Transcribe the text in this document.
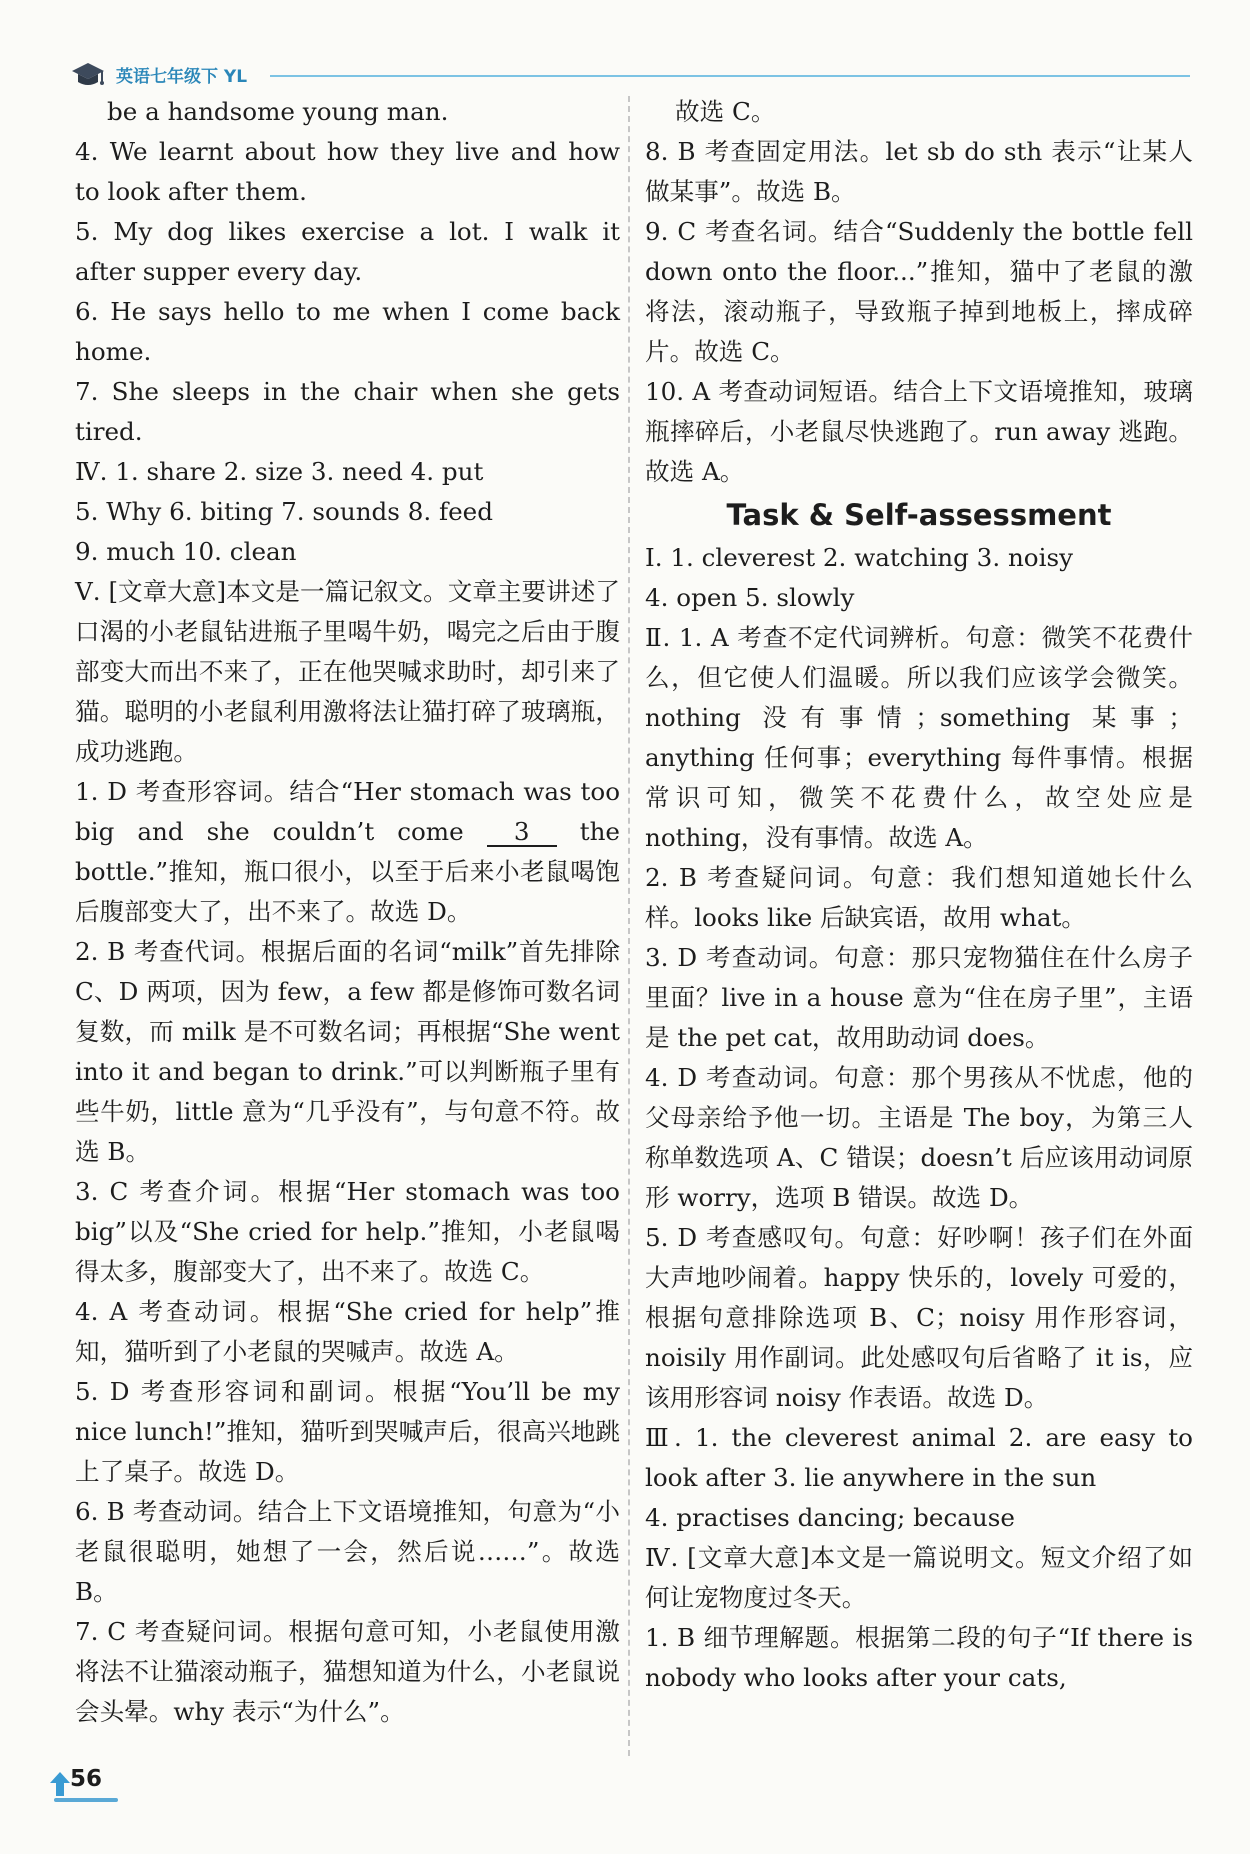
英语七年级下 YL

be a handsome young man.

4. We learnt about how they live and how to look after them.

5. My dog likes exercise a lot. I walk it after supper every day.

6. He says hello to me when I come back home.

7. She sleeps in the chair when she gets tired.

Ⅳ. 1. share 2. size 3. need 4. put

5. Why 6. biting 7. sounds 8. feed

9. much 10. clean

Ⅴ. [文章大意]本文是一篇记叙文。文章主要讲述了口渴的小老鼠钻进瓶子里喝牛奶，喝完之后由于腹部变大而出不来了，正在他哭喊求助时，却引来了猫。聪明的小老鼠利用激将法让猫打碎了玻璃瓶，成功逃跑。

1. D 考查形容词。结合“Her stomach was too big and she couldn’t come 3 the bottle.”推知，瓶口很小，以至于后来小老鼠喝饱后腹部变大了，出不来了。故选 D。

2. B 考查代词。根据后面的名词“milk”首先排除 C、D 两项，因为 few，a few 都是修饰可数名词复数，而 milk 是不可数名词；再根据“She went into it and began to drink.”可以判断瓶子里有些牛奶，little 意为“几乎没有”，与句意不符。故选 B。

3. C 考查介词。根据“Her stomach was too big”以及“She cried for help.”推知，小老鼠喝得太多，腹部变大了，出不来了。故选 C。

4. A 考查动词。根据“She cried for help”推知，猫听到了小老鼠的哭喊声。故选 A。

5. D 考查形容词和副词。根据“You’ll be my nice lunch!”推知，猫听到哭喊声后，很高兴地跳上了桌子。故选 D。

6. B 考查动词。结合上下文语境推知，句意为“小老鼠很聪明，她想了一会，然后说……”。故选 B。

7. C 考查疑问词。根据句意可知，小老鼠使用激将法不让猫滚动瓶子，猫想知道为什么，小老鼠说会头晕。why 表示“为什么”。

故选 C。

8. B 考查固定用法。let sb do sth 表示“让某人做某事”。故选 B。

9. C 考查名词。结合“Suddenly the bottle fell down onto the floor...”推知，猫中了老鼠的激将法，滚动瓶子，导致瓶子掉到地板上，摔成碎片。故选 C。

10. A 考查动词短语。结合上下文语境推知，玻璃瓶摔碎后，小老鼠尽快逃跑了。run away 逃跑。故选 A。

Task & Self-assessment

Ⅰ. 1. cleverest 2. watching 3. noisy

4. open 5. slowly

Ⅱ. 1. A 考查不定代词辨析。句意：微笑不花费什么，但它使人们温暖。所以我们应该学会微笑。nothing 没有事情；something 某事；anything 任何事；everything 每件事情。根据常识可知，微笑不花费什么，故空处应是 nothing，没有事情。故选 A。

2. B 考查疑问词。句意：我们想知道她长什么样。looks like 后缺宾语，故用 what。

3. D 考查动词。句意：那只宠物猫住在什么房子里面？live in a house 意为“住在房子里”，主语是 the pet cat，故用助动词 does。

4. D 考查动词。句意：那个男孩从不忧虑，他的父母亲给予他一切。主语是 The boy，为第三人称单数选项 A、C 错误；doesn’t 后应该用动词原形 worry，选项 B 错误。故选 D。

5. D 考查感叹句。句意：好吵啊！孩子们在外面大声地吵闹着。happy 快乐的，lovely 可爱的，根据句意排除选项 B、C；noisy 用作形容词，noisily 用作副词。此处感叹句后省略了 it is，应该用形容词 noisy 作表语。故选 D。

Ⅲ. 1. the cleverest animal 2. are easy to look after 3. lie anywhere in the sun

4. practises dancing; because

Ⅳ. [文章大意]本文是一篇说明文。短文介绍了如何让宠物度过冬天。

1. B 细节理解题。根据第二段的句子“If there is nobody who looks after your cats,

56
